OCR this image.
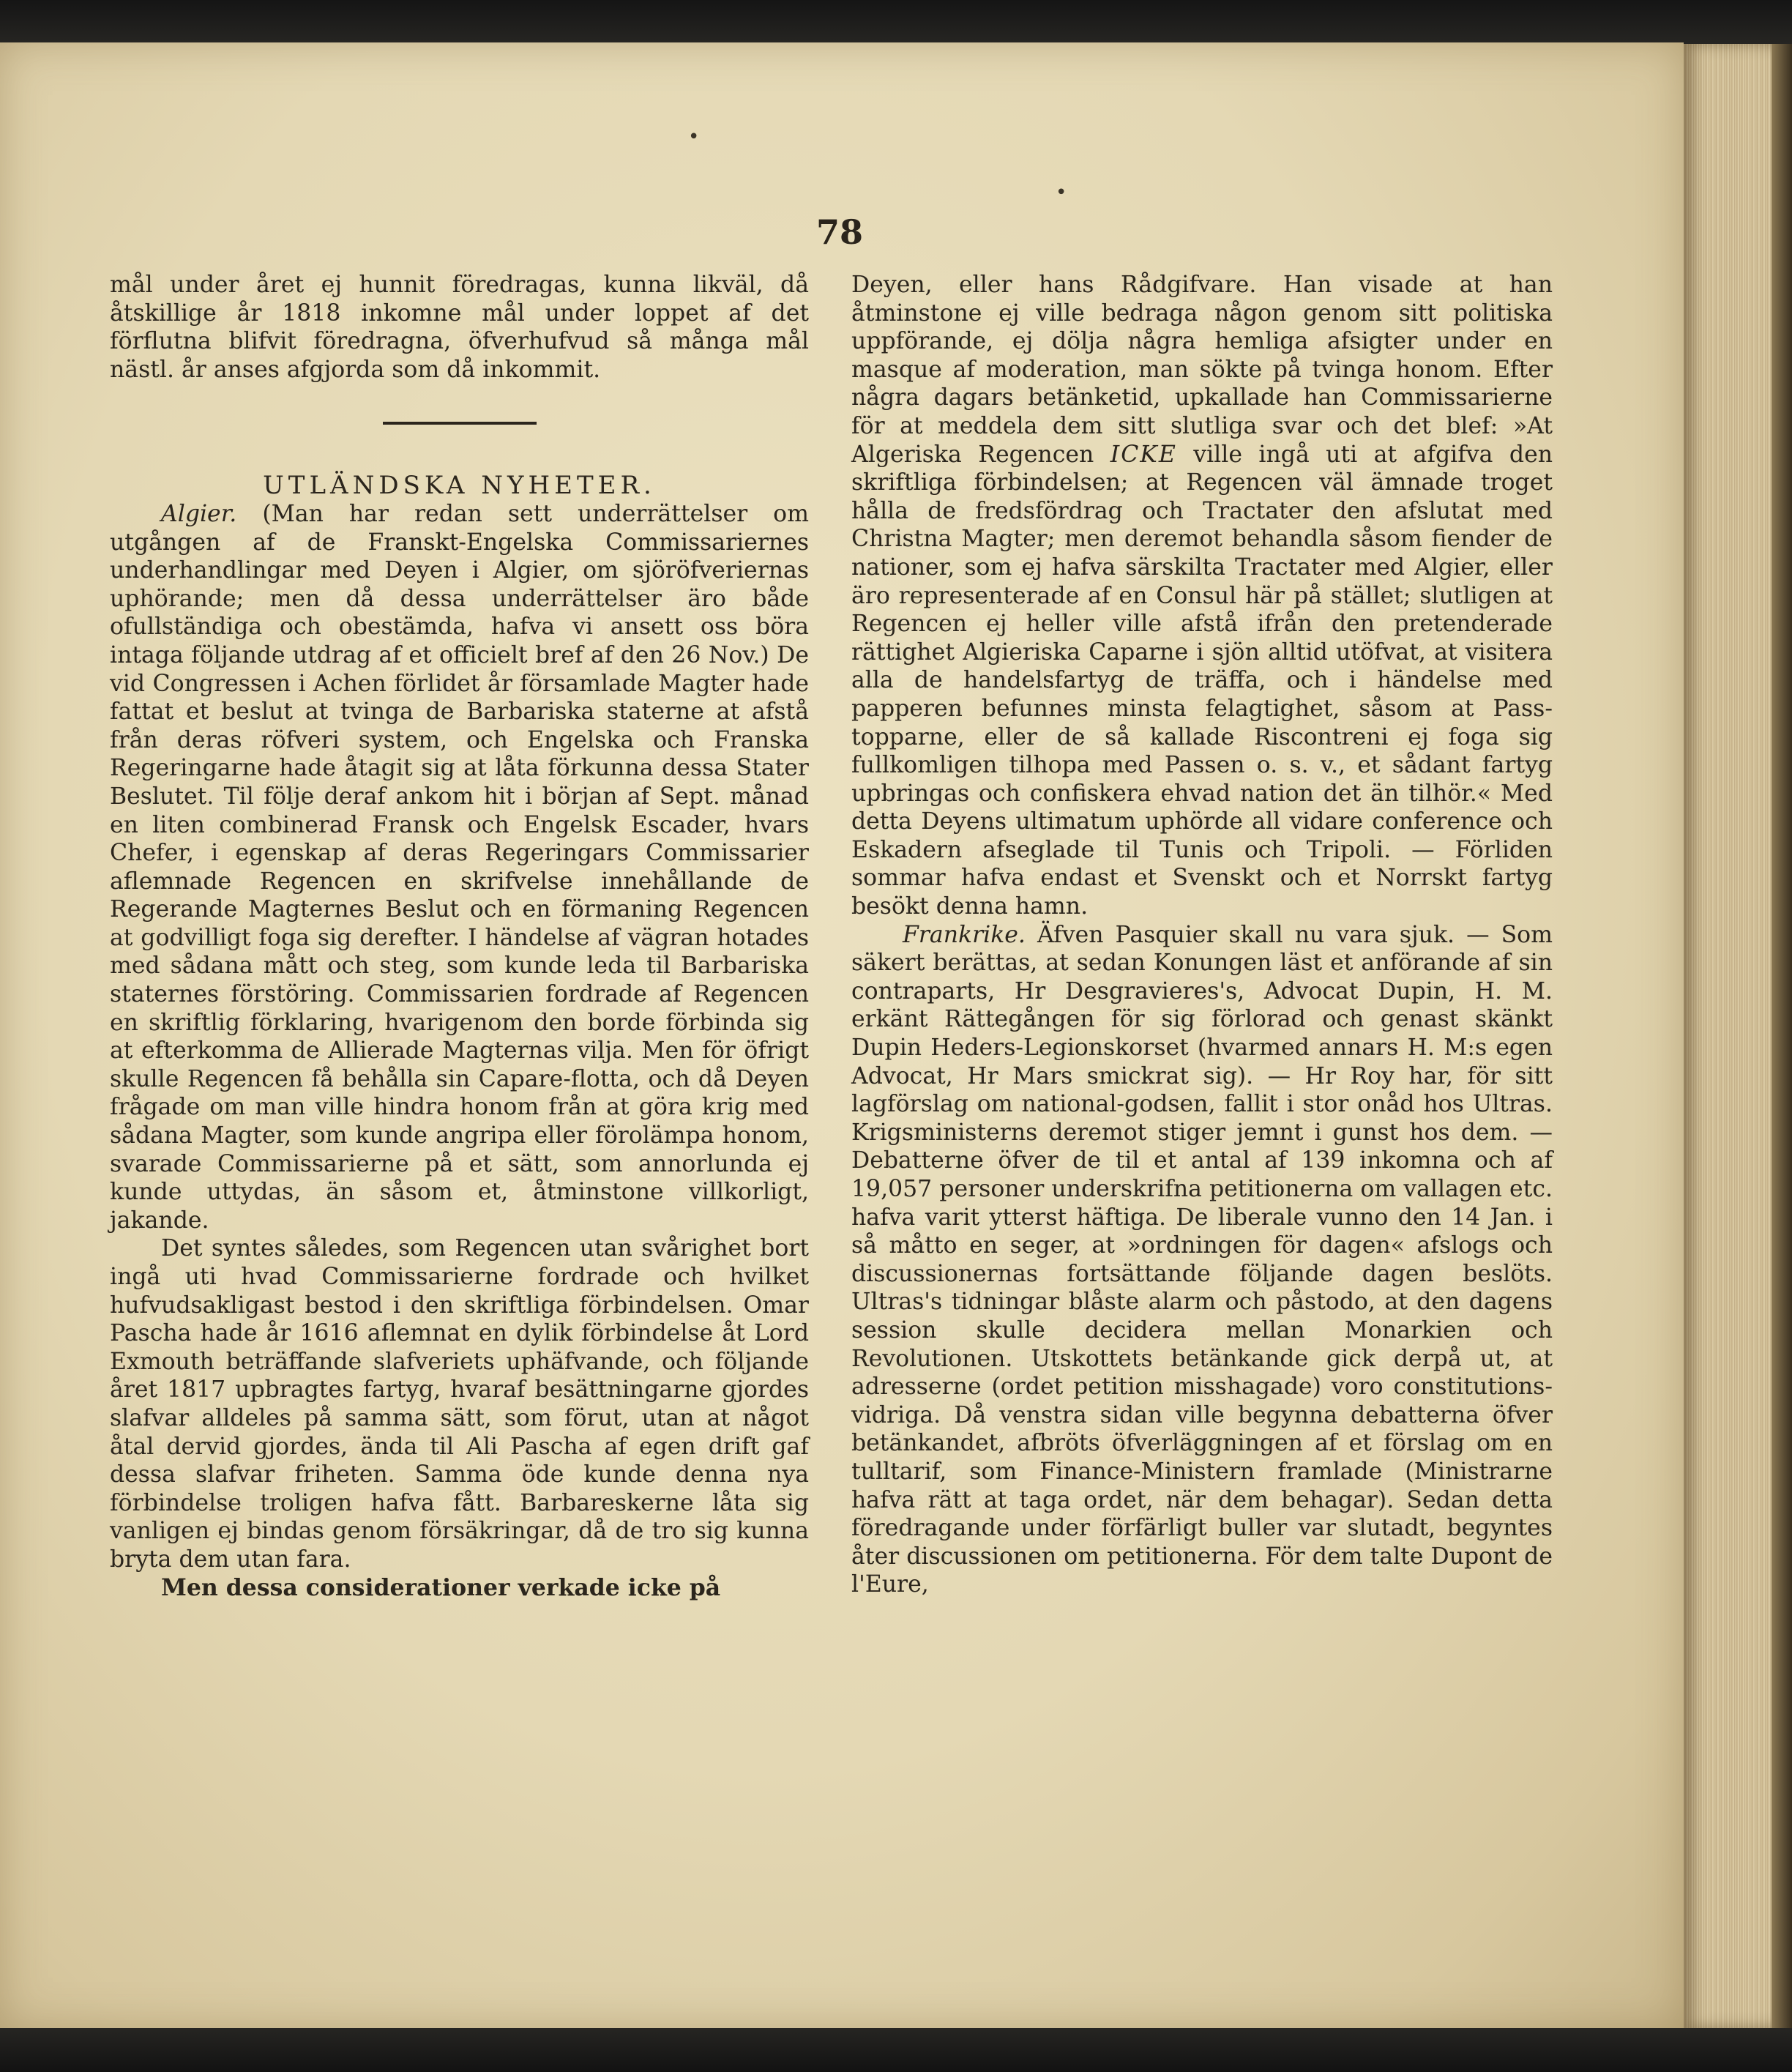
•
•
78

mål under året ej hunnit föredragas, kunna likväl, då åtskillige år 1818 inkomne mål under loppet af det förflutna blifvit föredragna, öfverhufvud så många mål nästl. år anses afgjorda som då inkommit.

UTLÄNDSKA NYHETER.

Algier. (Man har redan sett underrättelser om utgången af de Franskt-Engelska Commissariernes underhandlingar med Deyen i Algier, om sjöröfveriernas uphörande; men då dessa underrättelser äro både ofullständiga och obestämda, hafva vi ansett oss böra intaga följande utdrag af et officielt bref af den 26 Nov.) De vid Congressen i Achen förlidet år församlade Magter hade fattat et beslut at tvinga de Barbariska staterne at afstå från deras röfveri system, och Engelska och Franska Regeringarne hade åtagit sig at låta förkunna dessa Stater Beslutet. Til följe deraf ankom hit i början af Sept. månad en liten combinerad Fransk och Engelsk Escader, hvars Chefer, i egenskap af deras Regeringars Commissarier aflemnade Regencen en skrifvelse innehållande de Regerande Magternes Beslut och en förmaning Regencen at godvilligt foga sig derefter. I händelse af vägran hotades med sådana mått och steg, som kunde leda til Barbariska staternes förstöring. Commissarien fordrade af Regencen en skriftlig förklaring, hvarigenom den borde förbinda sig at efterkomma de Allierade Magternas vilja. Men för öfrigt skulle Regencen få behålla sin Capare-flotta, och då Deyen frågade om man ville hindra honom från at göra krig med sådana Magter, som kunde angripa eller förolämpa honom, svarade Commissarierne på et sätt, som annorlunda ej kunde uttydas, än såsom et, åtminstone villkorligt, jakande.

Det syntes således, som Regencen utan svårighet bort ingå uti hvad Commissarierne fordrade och hvilket hufvudsakligast bestod i den skriftliga förbindelsen. Omar Pascha hade år 1616 aflemnat en dylik förbindelse åt Lord Exmouth beträffande slafveriets uphäfvande, och följande året 1817 upbragtes fartyg, hvaraf besättningarne gjordes slafvar alldeles på samma sätt, som förut, utan at något åtal dervid gjordes, ända til Ali Pascha af egen drift gaf dessa slafvar friheten. Samma öde kunde denna nya förbindelse troligen hafva fått. Barbareskerne låta sig vanligen ej bindas genom försäkringar, då de tro sig kunna bryta dem utan fara.

Men dessa considerationer verkade icke på

Deyen, eller hans Rådgifvare. Han visade at han åtminstone ej ville bedraga någon genom sitt politiska uppförande, ej dölja några hemliga afsigter under en masque af moderation, man sökte på tvinga honom. Efter några dagars betänketid, upkallade han Commissarierne för at meddela dem sitt slutliga svar och det blef: »At Algeriska Regencen ICKE ville ingå uti at afgifva den skriftliga förbindelsen; at Regencen väl ämnade troget hålla de fredsfördrag och Tractater den afslutat med Christna Magter; men deremot behandla såsom fiender de nationer, som ej hafva särskilta Tractater med Algier, eller äro representerade af en Consul här på stället; slutligen at Regencen ej heller ville afstå ifrån den pretenderade rättighet Algieriska Caparne i sjön alltid utöfvat, at visitera alla de handelsfartyg de träffa, och i händelse med papperen befunnes minsta felagtighet, såsom at Pass-topparne, eller de så kallade Riscontreni ej foga sig fullkomligen tilhopa med Passen o. s. v., et sådant fartyg upbringas och confiskera ehvad nation det än tilhör.« Med detta Deyens ultimatum uphörde all vidare conference och Eskadern afseglade til Tunis och Tripoli. — Förliden sommar hafva endast et Svenskt och et Norrskt fartyg besökt denna hamn.

Frankrike. Äfven Pasquier skall nu vara sjuk. — Som säkert berättas, at sedan Konungen läst et anförande af sin contraparts, Hr Desgravieres's, Advocat Dupin, H. M. erkänt Rättegången för sig förlorad och genast skänkt Dupin Heders-Legionskorset (hvarmed annars H. M:s egen Advocat, Hr Mars smickrat sig). — Hr Roy har, för sitt lagförslag om national-godsen, fallit i stor onåd hos Ultras. Krigsministerns deremot stiger jemnt i gunst hos dem. — Debatterne öfver de til et antal af 139 inkomna och af 19,057 personer underskrifna petitionerna om vallagen etc. hafva varit ytterst häftiga. De liberale vunno den 14 Jan. i så måtto en seger, at »ordningen för dagen« afslogs och discussionernas fortsättande följande dagen beslöts. Ultras's tidningar blåste alarm och påstodo, at den dagens session skulle decidera mellan Monarkien och Revolutionen. Utskottets betänkande gick derpå ut, at adresserne (ordet petition misshagade) voro constitutions-vidriga. Då venstra sidan ville begynna debatterna öfver betänkandet, afbröts öfverläggningen af et förslag om en tulltarif, som Finance-Ministern framlade (Ministrarne hafva rätt at taga ordet, när dem behagar). Sedan detta föredragande under förfärligt buller var slutadt, begyntes åter discussionen om petitionerna. För dem talte Dupont de l'Eure,
